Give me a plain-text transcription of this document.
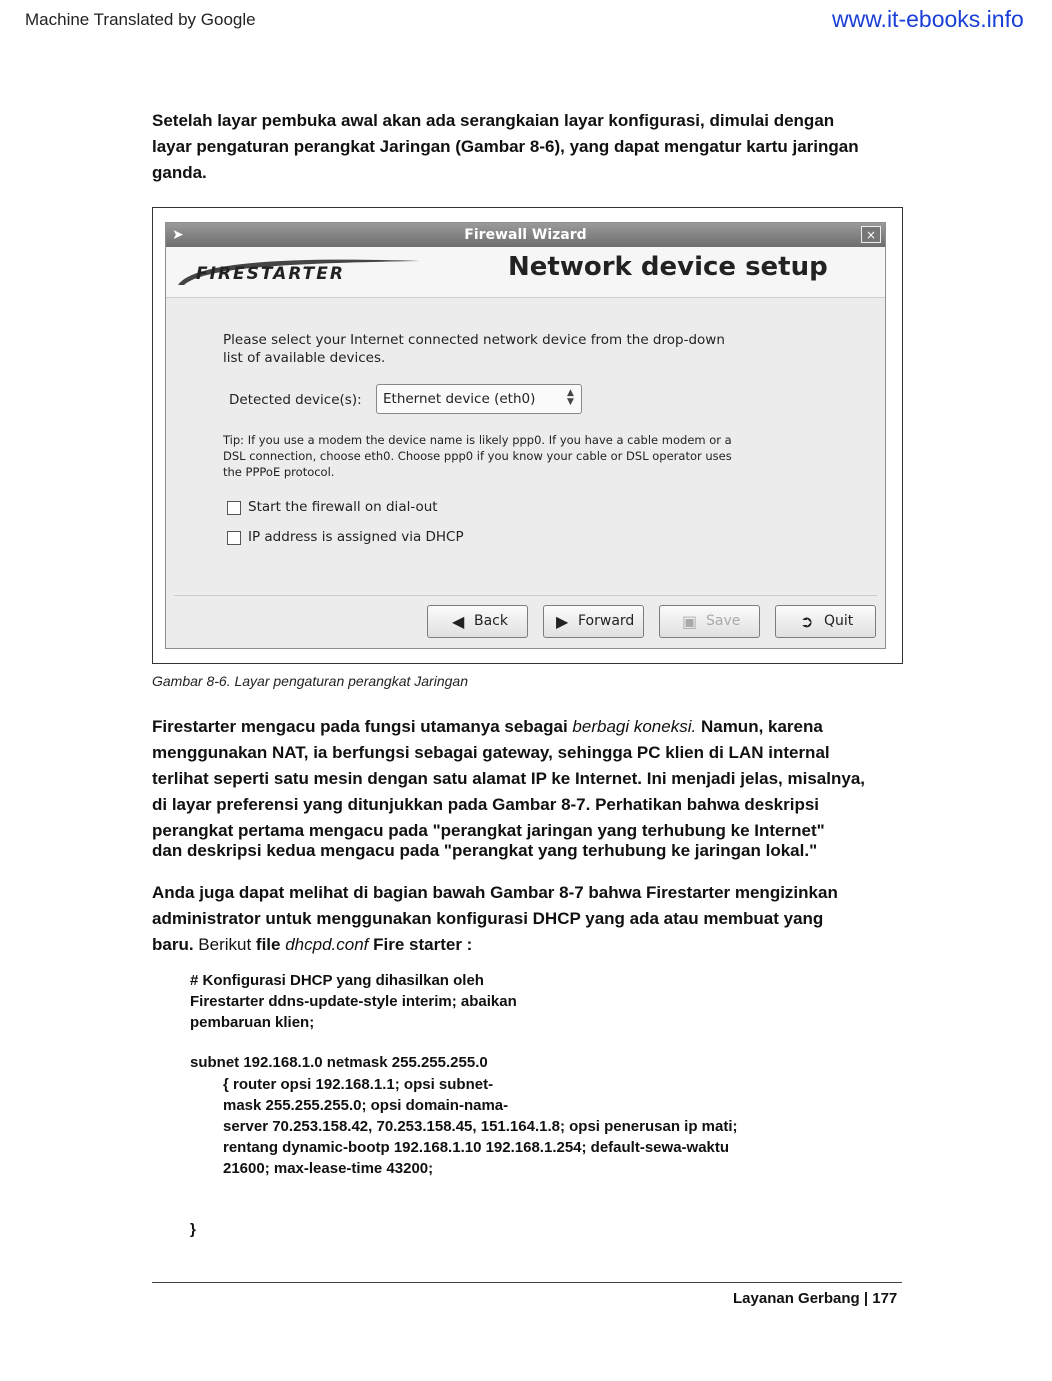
Machine Translated by Google	www.it-ebooks.info
Setelah layar pembuka awal akan ada serangkaian layar konfigurasi, dimulai dengan
layar pengaturan perangkat Jaringan (Gambar 8-6), yang dapat mengatur kartu jaringan
ganda.
➤	Firewall Wizard	×
FIRESTARTER	Network device setup
Please select your Internet connected network device from the drop-down
list of available devices.
Detected device(s): Ethernet device (eth0)	▲
▼
Tip: If you use a modem the device name is likely ppp0. If you have a cable modem or a
DSL connection, choose eth0. Choose ppp0 if you know your cable or DSL operator uses
the PPPoE protocol.
Start the firewall on dial-out
IP address is assigned via DHCP
◀ Back	▶ Forward	▣ Save	➲ Quit
Gambar 8-6. Layar pengaturan perangkat Jaringan
Firestarter mengacu pada fungsi utamanya sebagai berbagi koneksi. Namun, karena
menggunakan NAT, ia berfungsi sebagai gateway, sehingga PC klien di LAN internal
terlihat seperti satu mesin dengan satu alamat IP ke Internet. Ini menjadi jelas, misalnya,
di layar preferensi yang ditunjukkan pada Gambar 8-7. Perhatikan bahwa deskripsi
perangkat pertama mengacu pada "perangkat jaringan yang terhubung ke Internet"
dan deskripsi kedua mengacu pada "perangkat yang terhubung ke jaringan lokal."
Anda juga dapat melihat di bagian bawah Gambar 8-7 bahwa Firestarter mengizinkan
administrator untuk menggunakan konfigurasi DHCP yang ada atau membuat yang
baru. Berikut file dhcpd.conf Fire starter :
# Konfigurasi DHCP yang dihasilkan oleh
Firestarter ddns-update-style interim; abaikan
pembaruan klien;
subnet 192.168.1.0 netmask 255.255.255.0
{ router opsi 192.168.1.1; opsi subnet-
mask 255.255.255.0; opsi domain-nama-
server 70.253.158.42, 70.253.158.45, 151.164.1.8; opsi penerusan ip mati;
rentang dynamic-bootp 192.168.1.10 192.168.1.254; default-sewa-waktu
21600; max-lease-time 43200;
}
Layanan Gerbang | 177
